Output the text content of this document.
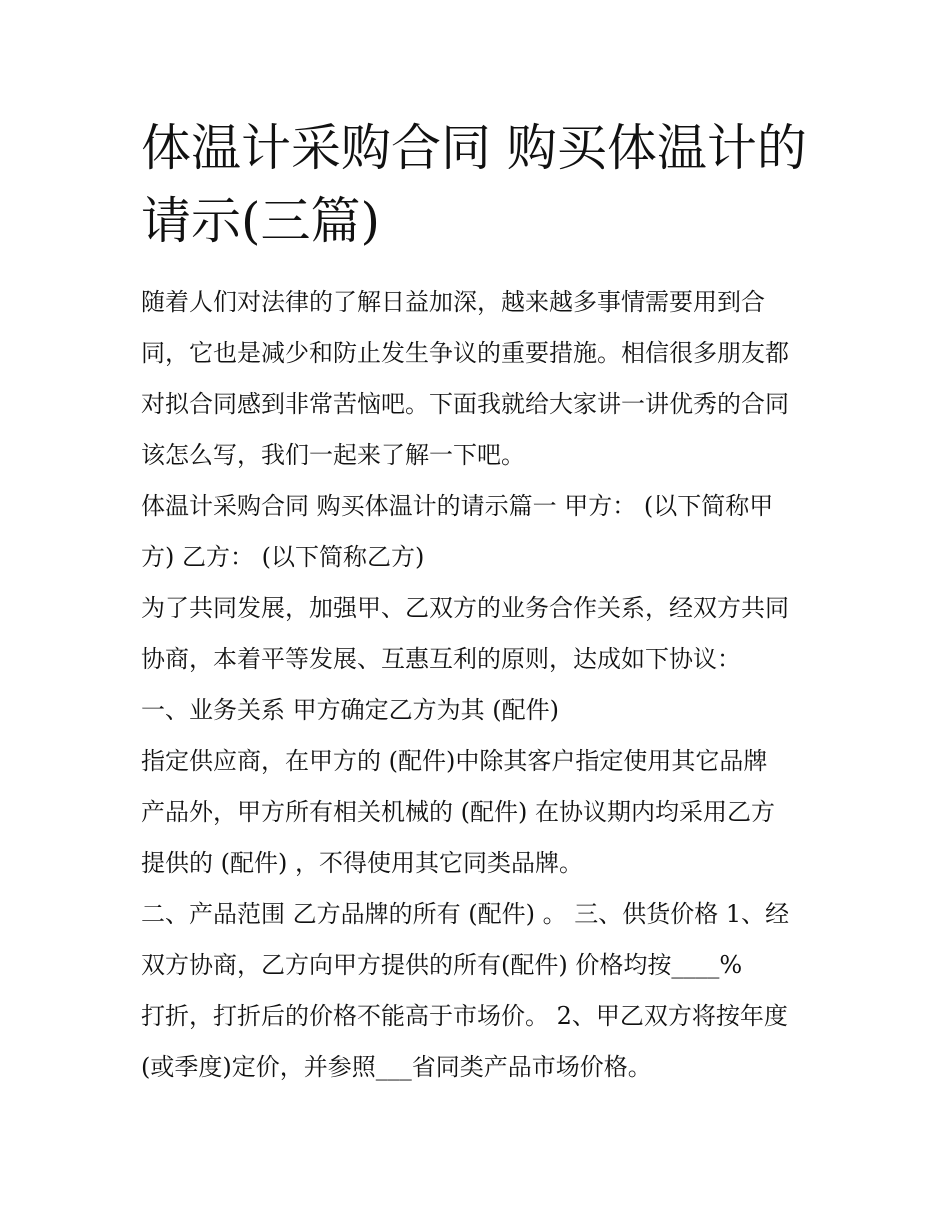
体温计采购合同 购买体温计的
请示(三篇)
随着人们对法律的了解日益加深，越来越多事情需要用到合
同，它也是减少和防止发生争议的重要措施。相信很多朋友都
对拟合同感到非常苦恼吧。下面我就给大家讲一讲优秀的合同
该怎么写，我们一起来了解一下吧。
体温计采购合同 购买体温计的请示篇一 甲方： (以下简称甲
方) 乙方： (以下简称乙方)
为了共同发展，加强甲、乙双方的业务合作关系，经双方共同
协商，本着平等发展、互惠互利的原则，达成如下协议：
一、业务关系 甲方确定乙方为其 (配件)
指定供应商，在甲方的 (配件)中除其客户指定使用其它品牌
产品外，甲方所有相关机械的 (配件) 在协议期内均采用乙方
提供的 (配件) ，不得使用其它同类品牌。
二、产品范围 乙方品牌的所有 (配件) 。 三、供货价格 1、经
双方协商，乙方向甲方提供的所有(配件) 价格均按____%
打折，打折后的价格不能高于市场价。 2、甲乙双方将按年度
(或季度)定价，并参照___省同类产品市场价格。
